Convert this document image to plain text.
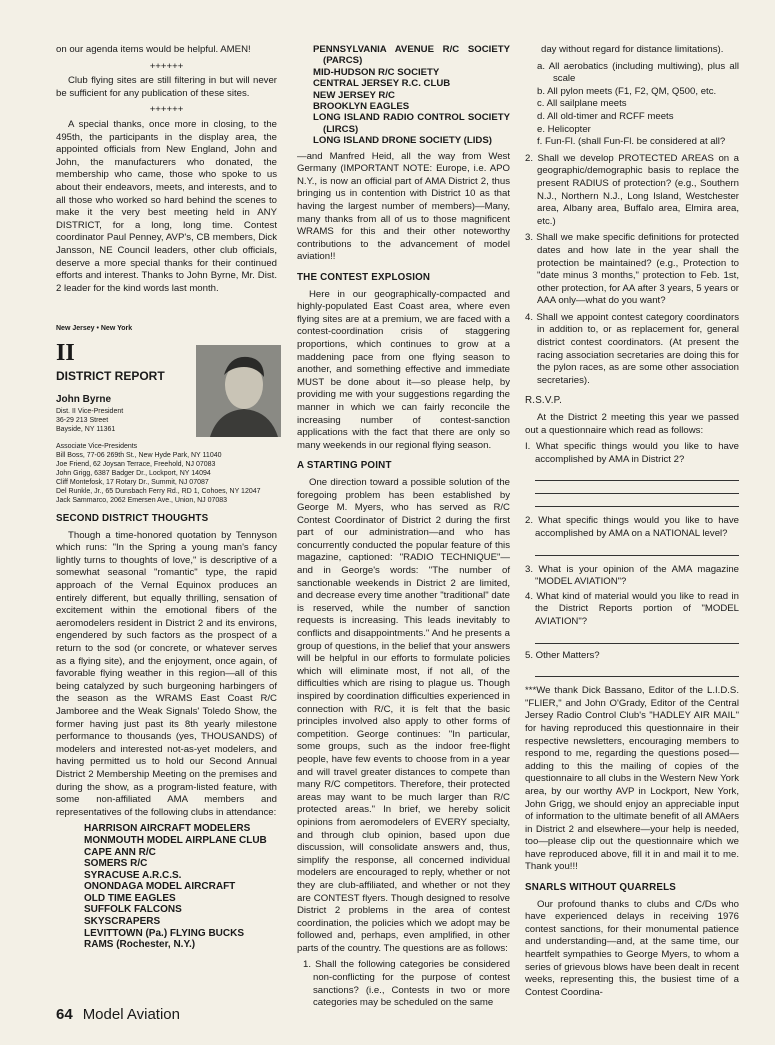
on our agenda items would be helpful. AMEN!

++++++

Club flying sites are still filtering in but will never be sufficient for any publication of these sites.

++++++

A special thanks, once more in closing, to the 495th, the participants in the display area, the appointed officials from New England, John and John, the manufacturers who donated, the membership who came, those who spoke to us about their endeavors, meets, and interests, and to all those who worked so hard behind the scenes to make it the very best meeting held in ANY DISTRICT, for a long, long time. Contest coordinator Paul Penney, AVP's, CB members, Dick Jansson, NE Council leaders, other club officials, deserve a more special thanks for their continued efforts and interest. Thanks to John Byrne, Mr. Dist. 2 leader for the kind words last month.

New Jersey • New York
II
DISTRICT REPORT
John Byrne
Dist. II Vice-President
36-29 213 Street
Bayside, NY 11361
Associate Vice-Presidents
Bill Boss, 77-06 269th St., New Hyde Park, NY 11040
Joe Friend, 62 Joysan Terrace, Freehold, NJ 07083
John Grigg, 6387 Badger Dr., Lockport, NY 14094
Cliff Montefosk, 17 Rotary Dr., Summit, NJ 07087
Del Runkle, Jr., 65 Dunsbach Ferry Rd., RD 1, Cohoes, NY 12047
Jack Sammarco, 2062 Emersen Ave., Union, NJ 07083
SECOND DISTRICT THOUGHTS

Though a time-honored quotation by Tennyson which runs: "In the Spring a young man's fancy lightly turns to thoughts of love," is descriptive of a somewhat seasonal "romantic" type, the rapid approach of the Vernal Equinox produces an entirely different, but equally thrilling, sensation of excitement within the emotional fibers of the aeromodelers resident in District 2 and its environs, engendered by such factors as the prospect of a return to the sod (or concrete, or whatever serves as a flying site), and the enjoyment, once again, of favorable flying weather in this region—all of this being catalyzed by such burgeoning harbingers of the season as the WRAMS East Coast R/C Jamboree and the Weak Signals' Toledo Show, the former having just past its 8th yearly milestone performance to thousands (yes, THOUSANDS) of modelers and interested not-as-yet modelers, and having permitted us to hold our Second Annual District 2 Membership Meeting on the premises and during the show, as a program-listed feature, with some non-affiliated AMA members and representatives of the following clubs in attendance:

HARRISON AIRCRAFT MODELERS
MONMOUTH MODEL AIRPLANE CLUB
CAPE ANN R/C
SOMERS R/C
SYRACUSE A.R.C.S.
ONONDAGA MODEL AIRCRAFT
OLD TIME EAGLES
SUFFOLK FALCONS
SKYSCRAPERS
LEVITTOWN (Pa.) FLYING BUCKS
RAMS (Rochester, N.Y.)
PENNSYLVANIA AVENUE R/C SOCIETY (PARCS)
MID-HUDSON R/C SOCIETY
CENTRAL JERSEY R.C. CLUB
NEW JERSEY R/C
BROOKLYN EAGLES
LONG ISLAND RADIO CONTROL SOCIETY (LIRCS)
LONG ISLAND DRONE SOCIETY (LIDS)

—and Manfred Heid, all the way from West Germany (IMPORTANT NOTE: Europe, i.e. APO N.Y., is now an official part of AMA District 2, thus bringing us in contention with District 10 as that having the largest number of members)—Many, many thanks from all of us to those magnificent WRAMS for this and their other noteworthy contributions to the advancement of model aviation!!

THE CONTEST EXPLOSION

Here in our geographically-compacted and highly-populated East Coast area, where even flying sites are at a premium, we are faced with a contest-coordination crisis of staggering proportions, which continues to grow at a maddening pace from one flying season to another, and something effective and immediate MUST be done about it—so please help, by providing me with your suggestions regarding the manner in which we can fairly reconcile the increasing number of contest-sanction applications with the fact that there are only so many weekends in our regional flying season.

A STARTING POINT

One direction toward a possible solution of the foregoing problem has been established by George M. Myers, who has served as R/C Contest Coordinator of District 2 during the first part of our administration—and who has concurrently conducted the popular feature of this magazine, captioned: "RADIO TECHNIQUE"—and in George's words: "The number of sanctionable weekends in District 2 are limited, and decrease every time another "traditional" date is reserved, while the number of sanction requests is increasing. This leads inevitably to conflicts and disappointments." And he presents a group of questions, in the belief that your answers will be helpful in our efforts to formulate policies which will eliminate most, if not all, of the difficulties which are rising to plague us. Though inspired by coordination difficulties experienced in connection with R/C, it is felt that the basic principles involved also apply to other forms of competition. George continues: "In particular, some groups, such as the indoor free-flight people, have few events to choose from in a year and will travel greater distances to compete than many R/C competitors. Therefore, their protected areas may want to be much larger than R/C protected areas." In brief, we hereby solicit opinions from aeromodelers of EVERY specialty, and through club opinion, based upon due discussion, will consolidate answers and, thus, simplify the response, all concerned individual modelers are encouraged to reply, whether or not they are club-affiliated, and whether or not they are CONTEST flyers. Though designed to resolve District 2 problems in the area of contest coordination, the policies which we adopt may be followed and, perhaps, even amplified, in other parts of the country. The questions are as follows:

1. Shall the following categories be considered non-conflicting for the purpose of contest sanctions? (i.e., Contests in two or more categories may be scheduled on the same

day without regard for distance limitations).

a. All aerobatics (including multiwing), plus all scale
b. All pylon meets (F1, F2, QM, Q500, etc.
c. All sailplane meets
d. All old-timer and RCFF meets
e. Helicopter
f. Fun-Fl. (shall Fun-Fl. be considered at all?
2. Shall we develop PROTECTED AREAS on a geographic/demographic basis to replace the present RADIUS of protection? (e.g., Southern N.J., Northern N.J., Long Island, Westchester area, Albany area, Buffalo area, Elmira area, etc.)
3. Shall we make specific definitions for protected dates and how late in the year shall the protection be maintained? (e.g., Protection to "date minus 3 months," protection to Feb. 1st, other protection, for AA after 3 years, 5 years or AAA only—what do you want?
4. Shall we appoint contest category coordinators in addition to, or as replacement for, general district contest coordinators. (At present the racing association secretaries are doing this for the pylon races, as are some other association secretaries).
R.S.V.P.

At the District 2 meeting this year we passed out a questionnaire which read as follows:

I. What specific things would you like to have accomplished by AMA in District 2?
2. What specific things would you like to have accomplished by AMA on a NATIONAL level?
3. What is your opinion of the AMA magazine "MODEL AVIATION"?
4. What kind of material would you like to read in the District Reports portion of "MODEL AVIATION"?
5. Other Matters?

***We thank Dick Bassano, Editor of the L.I.D.S. "FLIER," and John O'Grady, Editor of the Central Jersey Radio Control Club's "HADLEY AIR MAIL" for having reproduced this questionnaire in their respective newsletters, encouraging members to respond to me, regarding the questions posed—adding to this the mailing of copies of the questionnaire to all clubs in the Western New York area, by our worthy AVP in Lockport, New York, John Grigg, we should enjoy an appreciable input of information to the ultimate benefit of all AMAers in District 2 and elsewhere—your help is needed, too—please clip out the questionnaire which we have reproduced above, fill it in and mail it to me. Thank you!!!

SNARLS WITHOUT QUARRELS

Our profound thanks to clubs and C/Ds who have experienced delays in receiving 1976 contest sanctions, for their monumental patience and understanding—and, at the same time, our heartfelt sympathies to George Myers, to whom a series of grievous blows have been dealt in recent weeks, representing this, the busiest time of a Contest Coordina-

64 Model Aviation
